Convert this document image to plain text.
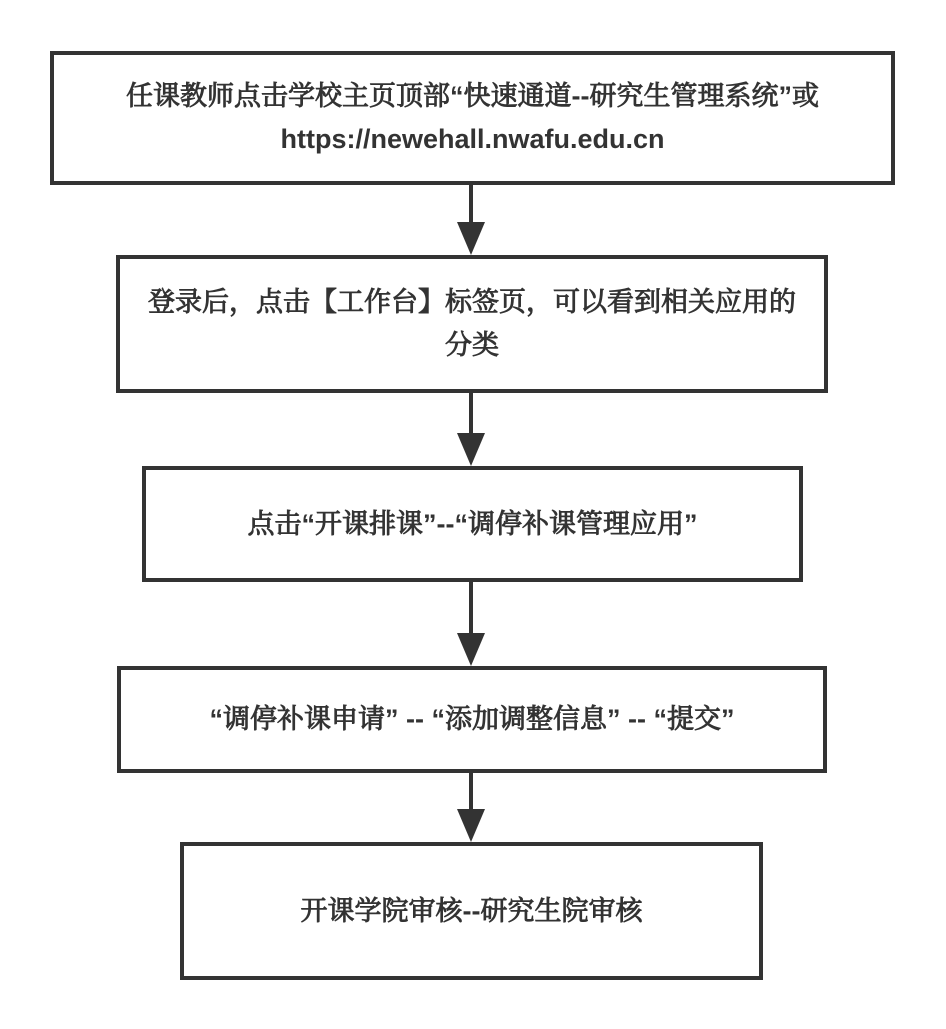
任课教师点击学校主页顶部“快速通道--研究生管理系统”或
https://newehall.nwafu.edu.cn
登录后，点击【工作台】标签页，可以看到相关应用的
分类
点击“开课排课”--“调停补课管理应用”
“调停补课申请” -- “添加调整信息” -- “提交”
开课学院审核--研究生院审核
